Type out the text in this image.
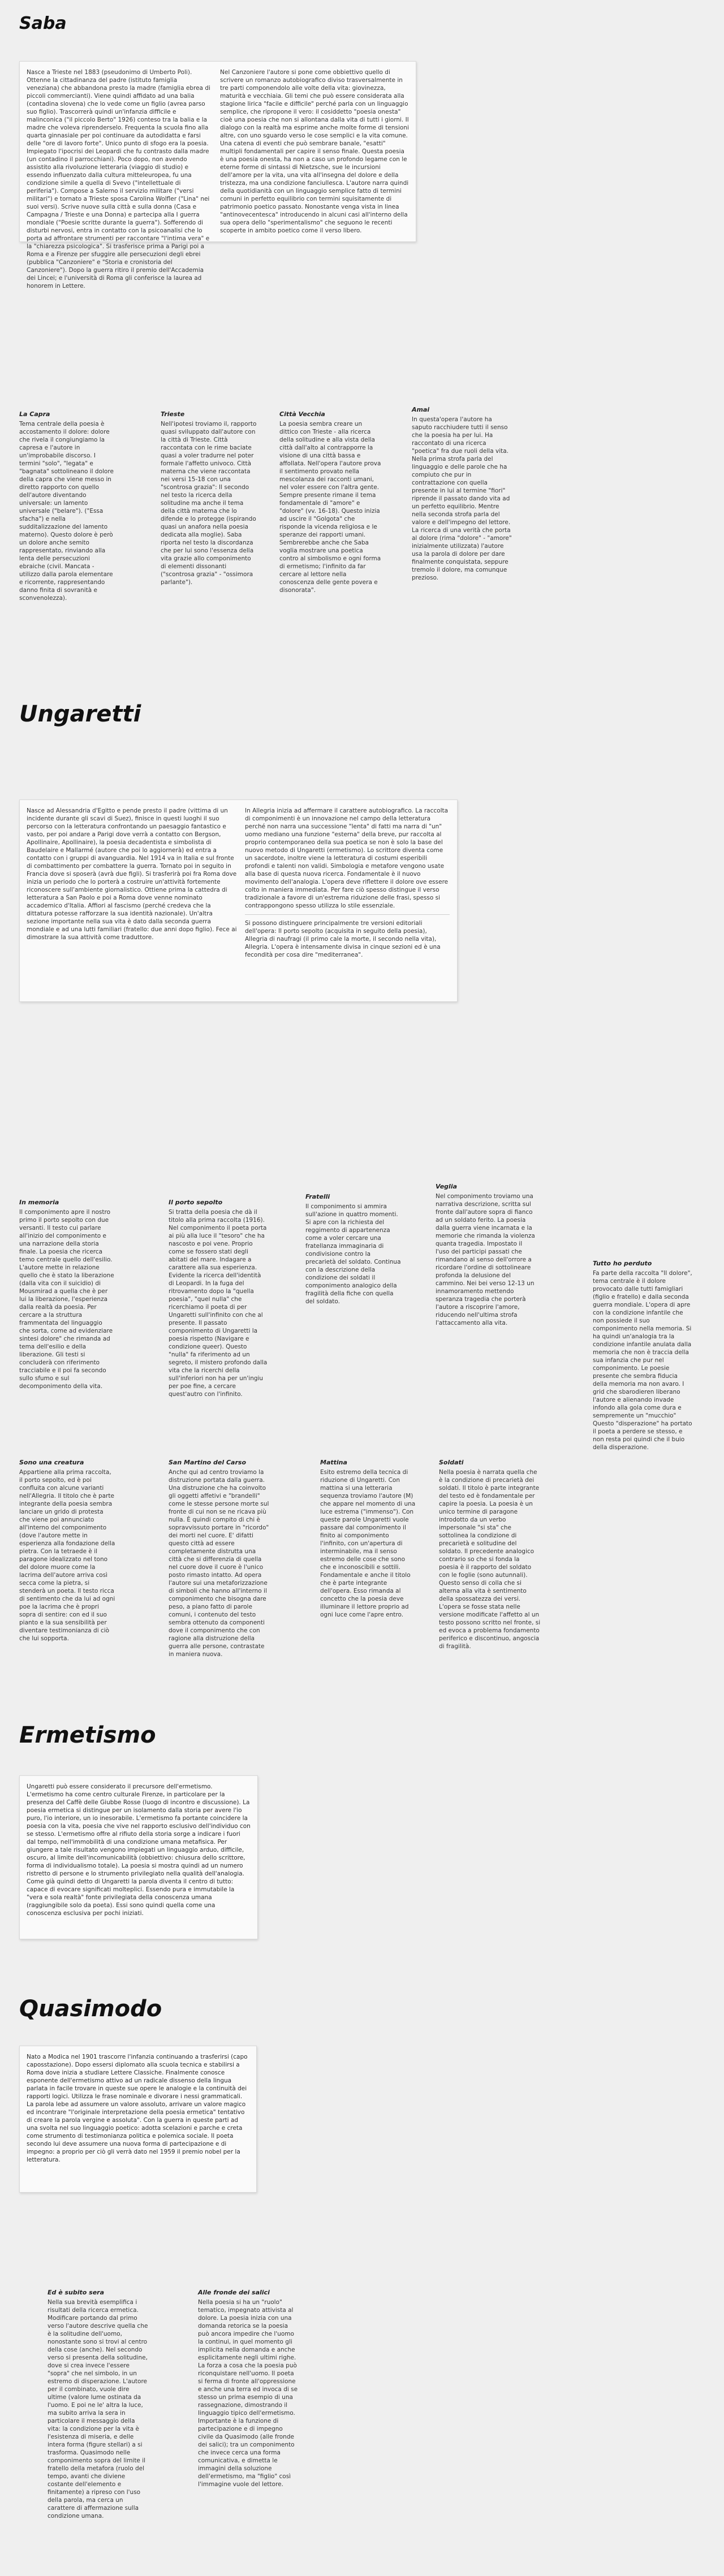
Saba

Nasce a Trieste nel 1883 (pseudonimo di Umberto Poli). Ottenne la cittadinanza del padre (istituto famiglia veneziana) che abbandona presto la madre (famiglia ebrea di piccoli commercianti). Viene quindi affidato ad una balia (contadina slovena) che lo vede come un figlio (avrea parso suo figlio). Trascorrerà quindi un'infanzia difficile e malinconica ("il piccolo Berto" 1926) conteso tra la balia e la madre che voleva riprenderselo. Frequenta la scuola fino alla quarta ginnasiale per poi continuare da autodidatta e farsi delle "ore di lavoro forte". Unico punto di sfogo era la poesia. Impiegato l'ipocrisi dei Leopardi che fu contrasto dalla madre (un contadino il parrocchiani). Poco dopo, non avendo assistito alla rivoluzione letteraria (viaggio di studio) e essendo influenzato dalla cultura mitteleuropea, fu una condizione simile a quella di Svevo ("intellettuale di periferia"). Compose a Salerno il servizio militare ("versi militari") e tornato a Trieste sposa Carolina Wolfler ("Lina" nei suoi versi). Scrive nuove sulla città e sulla donna (Casa e Campagna / Trieste e una Donna) e partecipa alla I guerra mondiale ("Poesie scritte durante la guerra"). Sofferendo di disturbi nervosi, entra in contatto con la psicoanalisi che lo porta ad affrontare strumenti per raccontare "l'intima vera" e la "chiarezza psicologica". Si trasferisce prima a Parigi poi a Roma e a Firenze per sfuggire alle persecuzioni degli ebrei (pubblica "Canzoniere" e "Storia e cronistoria del Canzoniere"). Dopo la guerra ritiro il premio dell'Accademia dei Lincei; e l'università di Roma gli conferisce la laurea ad honorem in Lettere.

Nel Canzoniere l'autore si pone come obbiettivo quello di scrivere un romanzo autobiografico diviso trasversalmente in tre parti componendolo alle volte della vita: giovinezza, maturità e vecchiaia. Gli temi che può essere considerata alla stagione lirica "facile e difficile" perché parla con un linguaggio semplice, che ripropone il vero: il cosiddetto "poesia onesta" cioè una poesia che non si allontana dalla vita di tutti i giorni. Il dialogo con la realtà ma esprime anche molte forme di tensioni altre, con uno sguardo verso le cose semplici e la vita comune. Una catena di eventi che può sembrare banale, "esatti" multipli fondamentali per capire il senso finale. Questa poesia è una poesia onesta, ha non a caso un profondo legame con le eterne forme di sintassi di Nietzsche, sue le incursioni dell'amore per la vita, una vita all'insegna del dolore e della tristezza, ma una condizione fanciullesca. L'autore narra quindi della quotidianità con un linguaggio semplice fatto di termini comuni in perfetto equilibrio con termini squisitamente di patrimonio poetico passato. Nonostante venga vista in linea "antinovecentesca" introducendo in alcuni casi all'interno della sua opera dello "sperimentalismo" che seguono le recenti scoperte in ambito poetico come il verso libero.

La Capra

Tema centrale della poesia è accostamento il dolore: dolore che rivela il congiungiamo la capresa e l'autore in un'improbabile discorso. I termini "solo", "legata" e "bagnata" sottolineano il dolore della capra che viene messo in diretto rapporto con quello dell'autore diventando universale: un lamento universale ("belare"). ("Essa sfacha") e nella sudditalizzazione del lamento materno). Questo dolore è però un dolore anche semito rappresentato, rinviando alla lenta delle persecuzioni ebraiche (civil. Mancata - utilizzo dalla parola elementare e ricorrente, rappresentando danno finita di sovranità e sconvenolezza).

Trieste

Nell'ipotesi troviamo il, rapporto quasi sviluppato dall'autore con la città di Trieste. Città raccontata con le rime baciate quasi a voler tradurre nel poter formale l'affetto univoco. Città materna che viene raccontata nei versi 15-18 con una "scontrosa grazia": Il secondo nel testo la ricerca della solitudine ma anche il tema della città materna che lo difende e lo protegge (ispirando quasi un anafora nella poesia dedicata alla moglie). Saba riporta nel testo la discordanza che per lui sono l'essenza della vita grazie allo componimento di elementi dissonanti ("scontrosa grazia" - "ossimora parlante").

Città Vecchia

La poesia sembra creare un dittico con Trieste - alla ricerca della solitudine e alla vista della città dall'alto al contrapporre la visione di una città bassa e affollata. Nell'opera l'autore prova il sentimento provato nella mescolanza dei racconti umani, nel voler essere con l'altra gente. Sempre presente rimane il tema fondamentale di "amore" e "dolore" (vv. 16-18). Questo inizia ad uscire il "Golgota" che risponde la vicenda religiosa e le speranze dei rapporti umani. Sembrerebbe anche che Saba voglia mostrare una poetica contro al simbolismo e ogni forma di ermetismo; l'infinito da far cercare al lettore nella conoscenza delle gente povera e disonorata".

Amai

In questa'opera l'autore ha saputo racchiudere tutti il senso che la poesia ha per lui. Ha raccontato di una ricerca "poetica" fra due ruoli della vita. Nella prima strofa parla del linguaggio e delle parole che ha compiuto che pur in contrattazione con quella presente in lui al termine "fiori" riprende il passato dando vita ad un perfetto equilibrio. Mentre nella seconda strofa parla del valore e dell'impegno del lettore. La ricerca di una verità che porta al dolore (rima "dolore" - "amore" inizialmente utilizzata) l'autore usa la parola di dolore per dare finalmente conquistata, seppure tremolo il dolore, ma comunque prezioso.

Ungaretti

Nasce ad Alessandria d'Egitto e pende presto il padre (vittima di un incidente durante gli scavi di Suez), finisce in questi luoghi il suo percorso con la letteratura confrontando un paesaggio fantastico e vasto, per poi andare a Parigi dove verrà a contatto con Bergson, Apollinaire, Apollinaire), la poesia decadentista e simbolista di Baudelaire e Mallarmé (autore che poi lo aggiornerà) ed entra a contatto con i gruppi di avanguardia. Nel 1914 va in Italia e sul fronte di combattimento per combattere la guerra. Tornato poi in seguito in Francia dove si sposerà (avrà due figli). Si trasferirà poi fra Roma dove inizia un periodo che lo porterà a costruire un'attività fortemente riconoscere sull'ambiente giornalistico. Ottiene prima la cattedra di letteratura a San Paolo e poi a Roma dove venne nominato accademico d'Italia. Affiori al fascismo (perché credeva che la dittatura potesse rafforzare la sua identità nazionale). Un'altra sezione importante nella sua vita è dato dalla seconda guerra mondiale e ad una lutti familiari (fratello: due anni dopo figlio). Fece ai dimostrare la sua attività come traduttore.

In Allegria inizia ad affermare il carattere autobiografico. La raccolta di componimenti è un innovazione nel campo della letteratura perché non narra una successione "lenta" di fatti ma narra di "un" uomo mediano una funzione "esterna" della breve, pur raccolta al proprio contemporaneo della sua poetica se non è solo la base del nuovo metodo di Ungaretti (ermetismo). Lo scrittore diventa come un sacerdote, inoltre viene la letteratura di costumi esperibili profondi e talenti non validi. Simbologia e metafore vengono usate alla base di questa nuova ricerca. Fondamentale è il nuovo movimento dell'analogia. L'opera deve riflettere il dolore ove essere colto in maniera immediata. Per fare ciò spesso distingue il verso tradizionale a favore di un'estrema riduzione delle frasi, spesso si contrappongono spesso utilizza lo stile essenziale.

Si possono distinguere principalmente tre versioni editoriali dell'opera: Il porto sepolto (acquisita in seguito della poesia), Allegria di naufragi (il primo cale la morte, il secondo nella vita), Allegria. L'opera è intensamente divisa in cinque sezioni ed è una fecondità per cosa dire "mediterranea".

In memoria

Il componimento apre il nostro primo il porto sepolto con due versanti. Il testo cui parlare all'inizio del componimento e una narrazione della storia finale. La poesia che ricerca temo centrale quello dell'esilio. L'autore mette in relazione quello che è stato la liberazione (dalla vita con il suicidio) di Mousmirad a quella che è per lui la liberazione, l'esperienza dalla realtà da poesia. Per cercare a la struttura frammentata del linguaggio che sorta, come ad evidenziare sintesi dolore" che rimanda ad tema dell'esilio e della liberazione. Gli testi si concluderà con riferimento tracciabile e il poi fa secondo sullo sfumo e sul decomponimento della vita.

Il porto sepolto

Si tratta della poesia che dà il titolo alla prima raccolta (1916). Nel componimento il poeta porta ai più alla luce il "tesoro" che ha nascosto e poi vene. Proprio come se fossero stati degli abitati del mare. Indagare a carattere alla sua esperienza. Evidente la ricerca dell'identità di Leopardi. In la fuga del ritrovamento dopo la "quella poesia", "quel nulla" che ricerchiamo il poeta di per Ungaretti sull'infinito con che al presente. Il passato componimento di Ungaretti la poesia rispetto (Navigare e condizione queer). Questo "nulla" fa riferimento ad un segreto, il mistero profondo dalla vita che la ricerchi della sull'inferiori non ha per un'ingiu per poe fine, a cercare quest'autro con l'infinito.

Fratelli

Il componimento si ammira sull'azione in quattro momenti. Si apre con la richiesta del reggimento di appartenenza come a voler cercare una fratellanza immaginaria di condivisione contro la precarietà del soldato. Continua con la descrizione della condizione dei soldati il componimento analogico della fragilità della fiche con quella del soldato.

Veglia

Nel componimento troviamo una narrativa descrizione, scritta sul fronte dall'autore sopra di fianco ad un soldato ferito. La poesia dalla guerra viene incarnata e la memorie che rimanda la violenza quanta tragedia. Impostato il l'uso dei participi passati che rimandano al senso dell'orrore a ricordare l'ordine di sottolineare profonda la delusione del cammino. Nei bei verso 12-13 un innamoramento mettendo speranza tragedia che porterà l'autore a riscoprire l'amore, riducendo nell'ultima strofa l'attaccamento alla vita.

Tutto ho perduto

Fa parte della raccolta "Il dolore", tema centrale è il dolore provocato dalle tutti famigliari (figlio e fratello) e dalla seconda guerra mondiale. L'opera di apre con la condizione infantile che non possiede il suo componimento nella memoria. Si ha quindi un'analogia tra la condizione infantile anulata dalla memoria che non è traccia della sua infanzia che pur nel componimento. Le poesie presente che sembra fiducia della memoria ma non avaro. I grid che sbarodieren liberano l'autore e alienando invade infondo alla gola come dura e sempremente un "mucchio" Questo "disperazione" ha portato il poeta a perdere se stesso, e non resta poi quindi che il buio della disperazione.

Sono una creatura

Appartiene alla prima raccolta, il porto sepolto, ed è poi confluita con alcune varianti nell'Allegria. Il titolo che è parte integrante della poesia sembra lanciare un grido di protesta che viene poi annunciato all'interno del componimento (dove l'autore mette in esperienza alla fondazione della pietra. Con la tetraede è il paragone idealizzato nel tono del dolore muore come la lacrima dell'autore arriva così secca come la pietra, si stenderà un poeta. Il testo ricca di sentimento che da lui ad ogni poe la lacrima che è propri sopra di sentire: con ed il suo pianto e la sua sensibilità per diventare testimonianza di ciò che lui sopporta.

San Martino del Carso

Anche qui ad centro troviamo la distruzione portata dalla guerra. Una distruzione che ha coinvolto gli oggetti affetivi e "brandelli" come le stesse persone morte sul fronte di cui non se ne ricava più nulla. È quindi compito di chi è sopravvissuto portare in "ricordo" dei morti nel cuore. E' difatti questo città ad essere completamente distrutta una città che si differenzia di quella nel cuore dove il cuore è l'unico posto rimasto intatto. Ad opera l'autore sui una metaforizzazione di simboli che hanno all'interno il componimento che bisogna dare peso, a piano fatto di parole comuni, i contenuto del testo sembra ottenuto da componenti dove il componimento che con ragione alla distruzione della guerra alle persone, contrastate in maniera nuova.

Mattina

Esito estremo della tecnica di riduzione di Ungaretti. Con mattina si una letteraria sequenza troviamo l'autore (M) che appare nel momento di una luce estrema ("immenso"). Con queste parole Ungaretti vuole passare dal componimento il finito ai componimento l'infinito, con un'apertura di interminabile, ma il senso estremo delle cose che sono che e inconoscibili e sottili. Fondamentale e anche il titolo che è parte integrante dell'opera. Esso rimanda al concetto che la poesia deve illuminare il lettore proprio ad ogni luce come l'apre entro.

Soldati

Nella poesia è narrata quella che è la condizione di precarietà dei soldati. Il titolo è parte integrante del testo ed è fondamentale per capire la poesia. La poesia è un unico termine di paragone introdotto da un verbo impersonale "si sta" che sottolinea la condizione di precarietà e solitudine del soldato. Il precedente analogico contrario so che si fonda la poesia è il rapporto del soldato con le foglie (sono autunnali). Questo senso di colla che si alterna alla vita è sentimento della spossatezza dei versi. L'opera se fosse stata nelle versione modificate l'affetto al un testo possono scritto nel fronte, si ed evoca a problema fondamento periferico e discontinuo, angoscia di fragilità.

Ermetismo

Ungaretti può essere considerato il precursore dell'ermetismo. L'ermetismo ha come centro culturale Firenze, in particolare per la presenza del Caffè delle Giubbe Rosse (luogo di incontro e discussione). La poesia ermetica si distingue per un isolamento dalla storia per avere l'io puro, l'io interiore, un io inesorabile. L'ermetismo fa portante coincidere la poesia con la vita, poesia che vive nel rapporto esclusivo dell'individuo con se stesso. L'ermetismo offre al rifiuto della storia sorge a indicare i fuori dal tempo, nell'immobilità di una condizione umana metafisica. Per giungere a tale risultato vengono impiegati un linguaggio arduo, difficile, oscuro, al limite dell'incomunicabilità (obbiettivo: chiusura dello scrittore, forma di individualismo totale). La poesia si mostra quindi ad un numero ristretto di persone e lo strumento privilegiato nella qualità dell'analogia. Come già quindi detto di Ungaretti la parola diventa il centro di tutto: capace di evocare significati molteplici. Essendo pura e immutabile la "vera e sola realtà" fonte privilegiata della conoscenza umana (raggiungibile solo da poeta). Essi sono quindi quella come una conoscenza esclusiva per pochi iniziati.

Quasimodo

Nato a Modica nel 1901 trascorre l'infanzia continuando a trasferirsi (capo caposstazione). Dopo essersi diplomato alla scuola tecnica e stabilirsi a Roma dove inizia a studiare Lettere Classiche. Finalmente conosce esponente dell'ermetismo attivo ad un radicale dissenso della lingua parlata in facile trovare in queste sue opere le analogie e la continuità dei rapporti logici. Utilizza le frase nominale e divorare i nessi grammaticali. La parola lebe ad assumere un valore assoluto, arrivare un valore magico ed incontrare "l'originale interpretazione della poesia ermetica" tentativo di creare la parola vergine e assoluta". Con la guerra in queste parti ad una svolta nel suo linguaggio poetico: adotta scelazioni e parche e creta come strumento di testimonianza politica e polemica sociale. Il poeta secondo lui deve assumere una nuova forma di partecipazione e di impegno: a proprio per ciò gli verrà dato nel 1959 il premio nobel per la letteratura.

Ed è subito sera

Nella sua brevità esemplifica i risultati della ricerca ermetica. Modificare portando dal primo verso l'autore descrive quella che è la solitudine dell'uomo, nonostante sono si trovi al centro della cose (anche). Nel secondo verso si presenta della solitudine, dove si crea invece l'essere "sopra" che nel simbolo, in un estremo di disperazione. L'autore per il combinato, vuole dire ultime (valore lume ostinata da l'uomo. E poi ne le' altra la luce, ma subito arriva la sera in particolare il messaggio della vita: la condizione per la vita è l'esistenza di miseria, e delle intera forma (figure stellari) a si trasforma. Quasimodo nelle componimento sopra del limite il fratello della metafora (ruolo del tempo, avanti che diviene costante dell'elemento e finitamente) a ripreso con l'uso della parola, ma cerca un carattere di affermazione sulla condizione umana.

Alle fronde dei salici

Nella poesia si ha un "ruolo" tematico, impegnato attivista al dolore. La poesia inizia con una domanda retorica se la poesia può ancora impedire che l'uomo la continui, in quel momento gli implicita nella domanda e anche esplicitamente negli ultimi righe. La forza a cosa che la poesia può riconquistare nell'uomo. Il poeta si ferma di fronte all'oppressione e anche una terra ed invoca di se stesso un prima esempio di una rassegnazione, dimostrando il linguaggio tipico dell'ermetismo. Importante è la funzione di partecipazione e di impegno civile da Quasimodo (alle fronde dei salici); tra un componimento che invece cerca una forma comunicativa, e dimetta le immagini della soluzione dell'ermetismo, ma "figlio" così l'immagine vuole del lettore.
